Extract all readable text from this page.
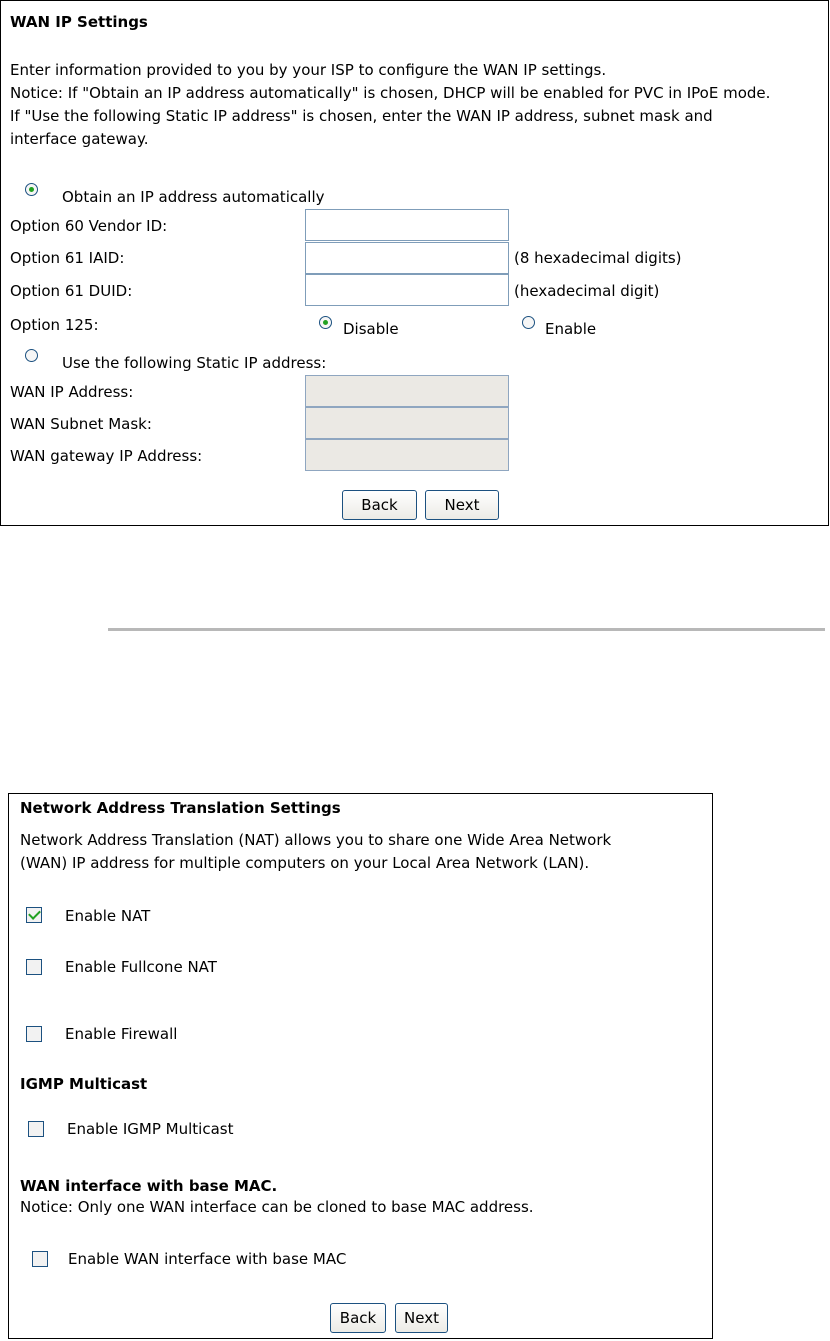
WAN IP Settings
Enter information provided to you by your ISP to configure the WAN IP settings.
Notice: If "Obtain an IP address automatically" is chosen, DHCP will be enabled for PVC in IPoE mode.
If "Use the following Static IP address" is chosen, enter the WAN IP address, subnet mask and
interface gateway.
Obtain an IP address automatically
Option 60 Vendor ID:
Option 61 IAID:	(8 hexadecimal digits)
Option 61 DUID:	(hexadecimal digit)
Option 125:	Disable	Enable
Use the following Static IP address:
WAN IP Address:
WAN Subnet Mask:
WAN gateway IP Address:
Back	Next
Network Address Translation Settings
Network Address Translation (NAT) allows you to share one Wide Area Network
(WAN) IP address for multiple computers on your Local Area Network (LAN).
Enable NAT
Enable Fullcone NAT
Enable Firewall
IGMP Multicast
Enable IGMP Multicast
WAN interface with base MAC.
Notice: Only one WAN interface can be cloned to base MAC address.
Enable WAN interface with base MAC
Back	Next
